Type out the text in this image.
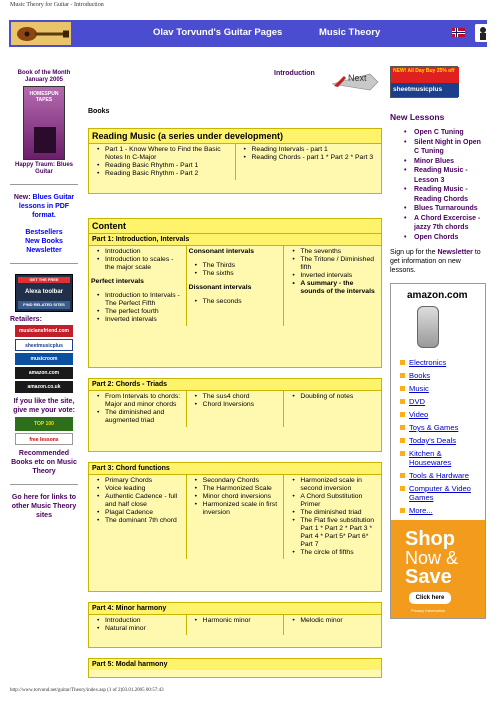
Music Theory for Guitar - Introduction
Olav Torvund's Guitar Pages	Music Theory
Book of the Month January 2005
HOMESPUN TAPES
Happy Traum: Blues Guitar
New: Blues Guitar lessons in PDF format.
Bestsellers
New Books
Newsletter
GET THE FREE
Alexa toolbar
FIND RELATED SITES
Retailers:
musiciansfriend.com
sheetmusicplus
musicroom
amazon.com
amazon.co.uk
If you like the site, give me your vote:
TOP 100
free lessons
Recommended Books etc on Music Theory
Go here for links to other Music Theory sites
Introduction	Next
Books
Reading Music (a series under development)
• Part 1 - Know Where to Find the Basic Notes In C-Major
• Reading Basic Rhythm - Part 1
• Reading Basic Rhythm - Part 2
• Reading Intervals - part 1
• Reading Chords - part 1 * Part 2 * Part 3
Content
Part 1: Introduction, Intervals
• Introduction
• Introduction to scales - the major scale
Perfect intervals
• Introduction to Intervals - The Perfect Fifth
• The perfect fourth
• Inverted intervals
Consonant intervals
• The Thirds
• The sixths
Dissonant intervals
• The seconds
• The sevenths
• The Tritone / Diminished fifth
• Inverted intervals
• A summary - the sounds of the intervals
Part 2: Chords - Triads
• From Intervals to chords: Major and minor chords
• The diminished and augmented triad
• The sus4 chord
• Chord Inversions
• Doubling of notes
Part 3: Chord functions
• Primary Chords
• Voice leading
• Authentic Cadence - full and half close
• Plagal Cadence
• The dominant 7th chord
• Secondary Chords
• The Harmonized Scale
• Minor chord inversions
• Harmonized scale in first inversion
• Harmonized scale in second inversion
• A Chord Substitution Primer
• The diminished triad
• The Flat five substitution Part 1 * Part 2 * Part 3 * Part 4 * Part 5* Part 6* Part 7
• The circle of fifths
Part 4: Minor harmony
• Introduction
• Natural minor
• Harmonic minor
•	Melodic minor
Part 5: Modal harmony
NEW! All Day Buy 25% off
sheetmusicplus
New Lessons
• Open C Tuning
• Silent Night in Open C Tuning
• Minor Blues
• Reading Music - Lesson 3
• Reading Music - Reading Chords
• Blues Turnarounds
• A Chord Excercise - jazzy 7th chords
• Open Chords
Sign up for the Newsletter to get information on new lessons.
amazon.com
Electronics
Books
Music
DVD
Video
Toys & Games
Today's Deals
Kitchen & Housewares
Tools & Hardware
Computer & Video Games
More...
Shop
Now &
Save
Click here
Privacy Information
http://www.torvund.net/guitar/Theory/index.asp (1 of 2)03.01.2005 00:57:43
